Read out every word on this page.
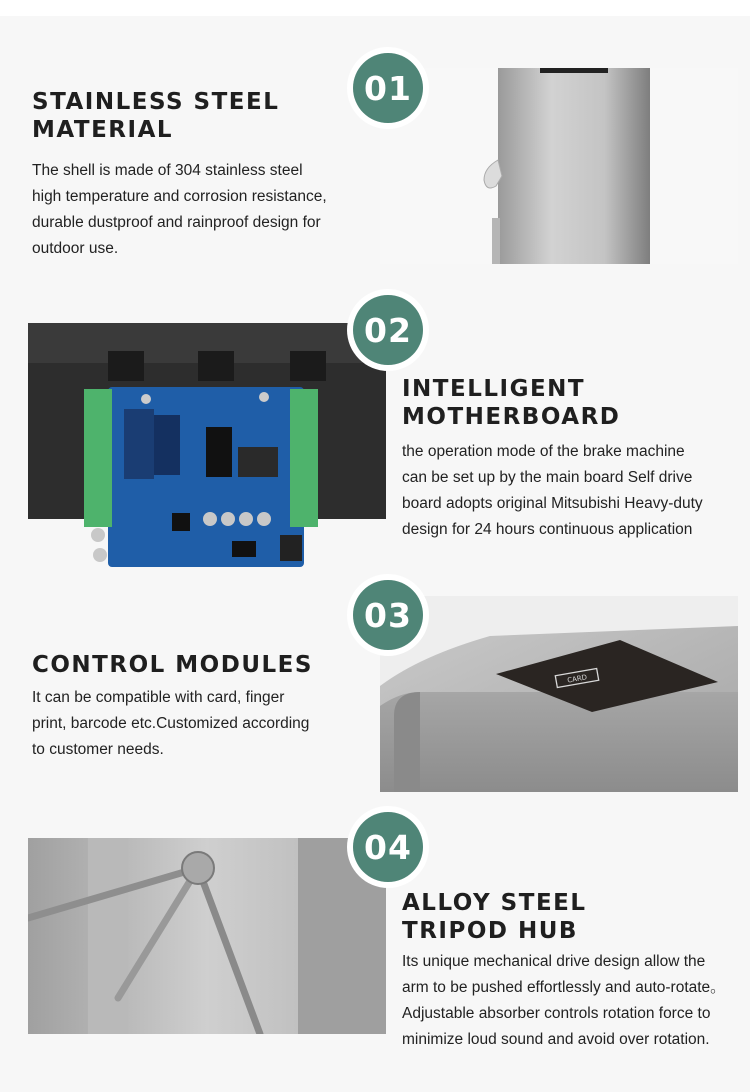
STAINLESS STEEL
MATERIAL

The shell is made of 304 stainless steel
high temperature and corrosion resistance,
durable dustproof and rainproof design for
outdoor use.

01
02
INTELLIGENT
MOTHERBOARD

the operation mode of the brake machine
can be set up by the main board Self drive
board adopts original Mitsubishi Heavy-duty
design for 24 hours continuous application

CONTROL MODULES

It can be compatible with card, finger
print, barcode etc.Customized according
to customer needs.

CARD
03
04
ALLOY STEEL
TRIPOD HUB

Its unique mechanical drive design allow the
arm to be pushed effortlessly and auto-rotate。
Adjustable absorber controls rotation force to
minimize loud sound and avoid over rotation.
